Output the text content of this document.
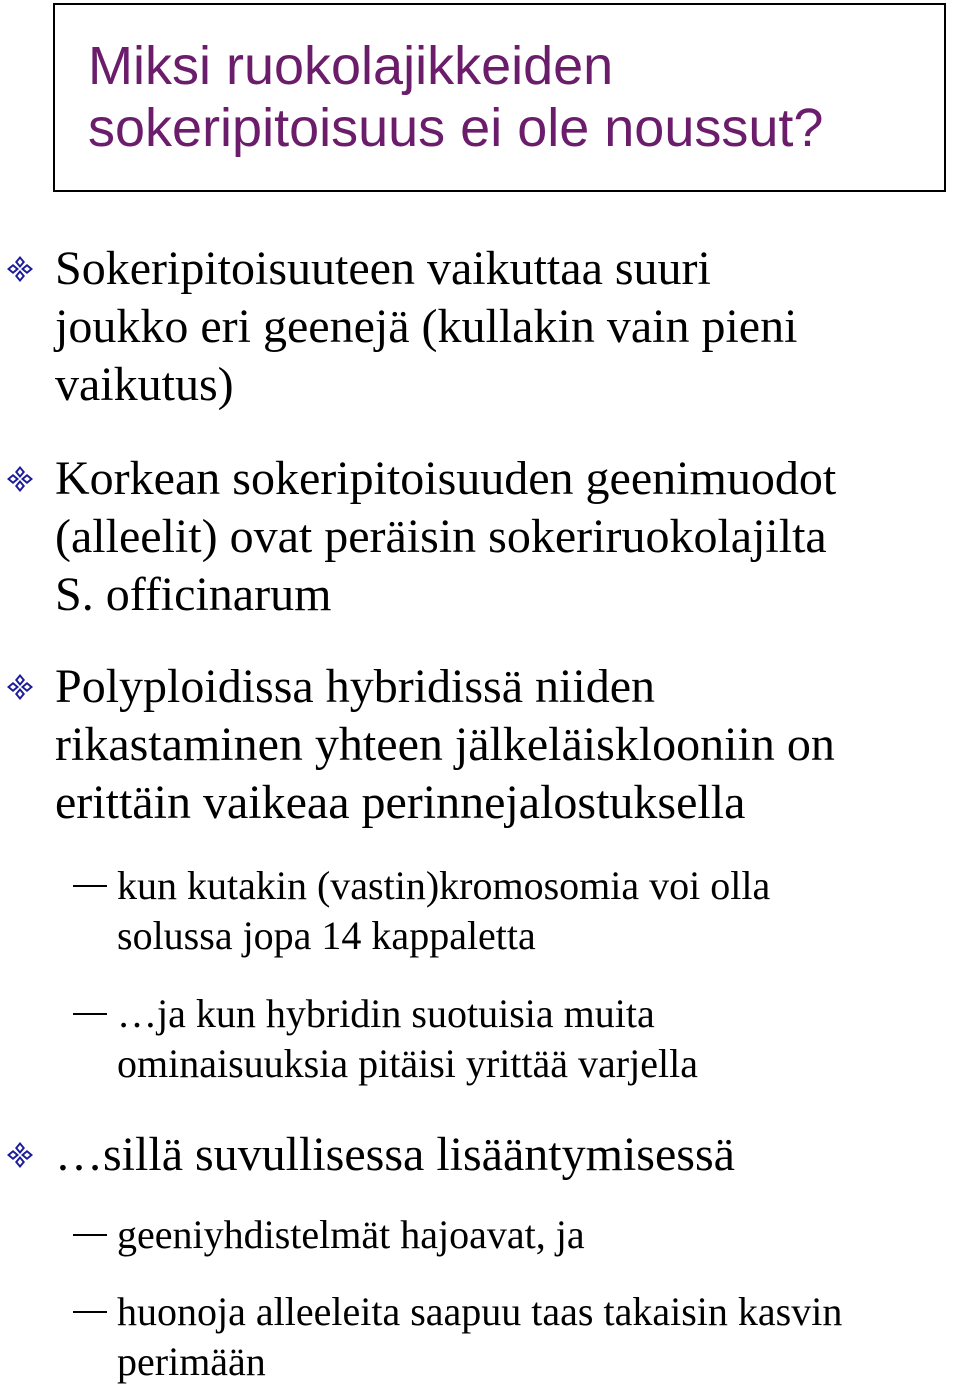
Miksi ruokolajikkeiden
sokeripitoisuus ei ole noussut?
Sokeripitoisuuteen vaikuttaa suuri
joukko eri geenejä (kullakin vain pieni
vaikutus)
Korkean sokeripitoisuuden geenimuodot
(alleelit) ovat peräisin sokeriruokolajilta
S. officinarum
Polyploidissa hybridissä niiden
rikastaminen yhteen jälkeläisklooniin on
erittäin vaikeaa perinnejalostuksella
kun kutakin (vastin)kromosomia voi olla
solussa jopa 14 kappaletta
…ja kun hybridin suotuisia muita
ominaisuuksia pitäisi yrittää varjella
…sillä suvullisessa lisääntymisessä
geeniyhdistelmät hajoavat, ja
huonoja alleeleita saapuu taas takaisin kasvin
perimään
